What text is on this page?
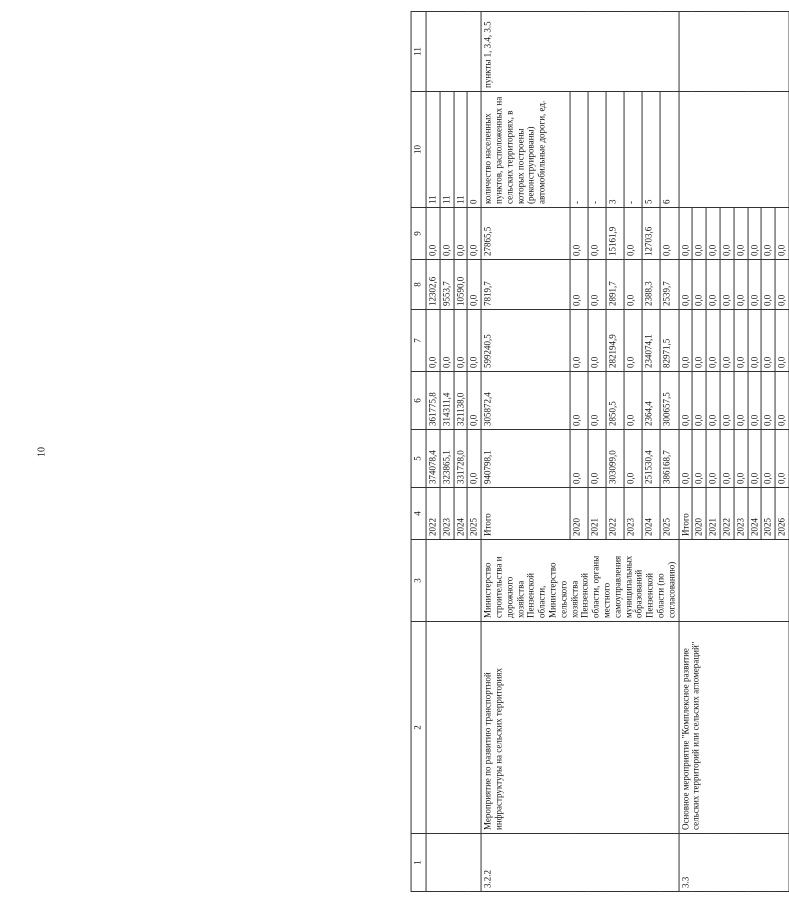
10
1	2	3	4	5	6	7	8	9	10	11
			2022	374078,4	361775,8	0,0	12302,6	0,0	11	
			2023	323865,1	314311,4	0,0	9553,7	0,0	11	
			2024	331728,0	321138,0	0,0	10590,0	0,0	11	
			2025	0,0	0,0	0,0	0,0	0,0	0	
3.2.2	Мероприятие по развитию транспортной инфраструктуры на сельских территориях	Министерство строительства и дорожного хозяйства Пензенской области, Министерство сельского хозяйства Пензенской области, органы местного самоуправления муниципальных образований Пензенской области (по согласованию)	Итого	940798,1	305872,4	599240,5	7819,7	27865,5	количество населенных пунктов, расположенных на сельских территориях, в которых построены (реконструированы) автомобильные дороги, ед.	пункты 1, 3.4, 3.5
			2020	0,0	0,0	0,0	0,0	0,0	-	
			2021	0,0	0,0	0,0	0,0	0,0	-	
			2022	303099,0	2850,5	282194,9	2891,7	15161,9	3	
			2023	0,0	0,0	0,0	0,0	0,0	-	
			2024	251530,4	2364,4	234074,1	2388,3	12703,6	5	
			2025	386168,7	300657,5	82971,5	2539,7	0,0	6	
3.3	Основное мероприятие "Комплексное развитие сельских территорий или сельских агломераций"		Итого	0,0	0,0	0,0	0,0	0,0		
			2020	0,0	0,0	0,0	0,0	0,0		
			2021	0,0	0,0	0,0	0,0	0,0		
			2022	0,0	0,0	0,0	0,0	0,0		
			2023	0,0	0,0	0,0	0,0	0,0		
			2024	0,0	0,0	0,0	0,0	0,0		
			2025	0,0	0,0	0,0	0,0	0,0		
			2026	0,0	0,0	0,0	0,0	0,0		
